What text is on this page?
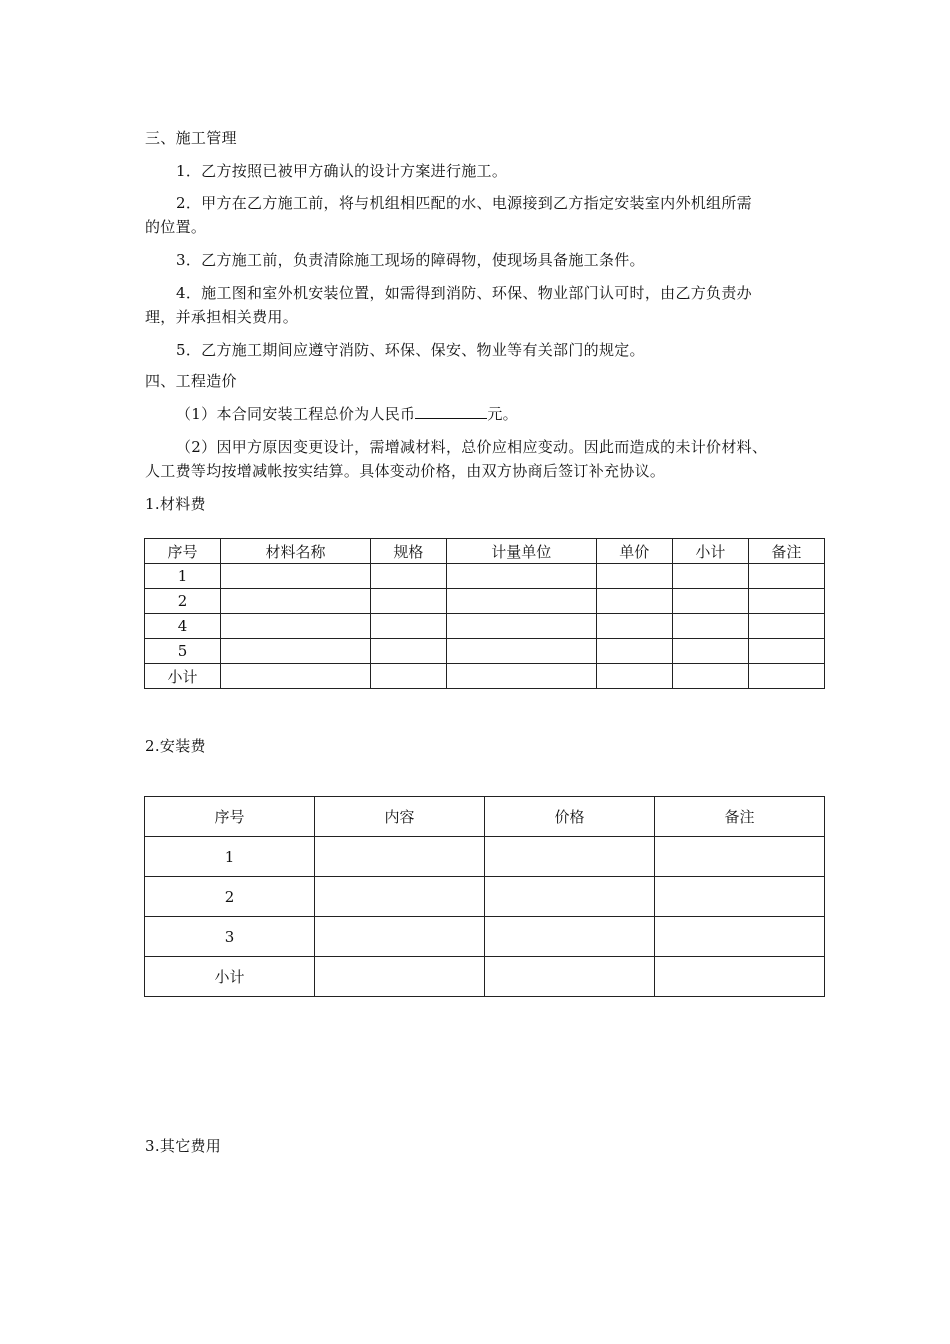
三、施工管理
1．乙方按照已被甲方确认的设计方案进行施工。
2．甲方在乙方施工前，将与机组相匹配的水、电源接到乙方指定安装室内外机组所需
的位置。
3．乙方施工前，负责清除施工现场的障碍物，使现场具备施工条件。
4．施工图和室外机安装位置，如需得到消防、环保、物业部门认可时，由乙方负责办
理，并承担相关费用。
5．乙方施工期间应遵守消防、环保、保安、物业等有关部门的规定。
四、工程造价
（1）本合同安装工程总价为人民币	元。
（2）因甲方原因变更设计，需增减材料，总价应相应变动。因此而造成的未计价材料、
人工费等均按增减帐按实结算。具体变动价格，由双方协商后签订补充协议。
1.材料费
序号	材料名称	规格	计量单位	单价	小计	备注
1						
2						
4						
5						
小计						
2.安装费
序号	内容	价格	备注
1			
2			
3			
小计			
3.其它费用
